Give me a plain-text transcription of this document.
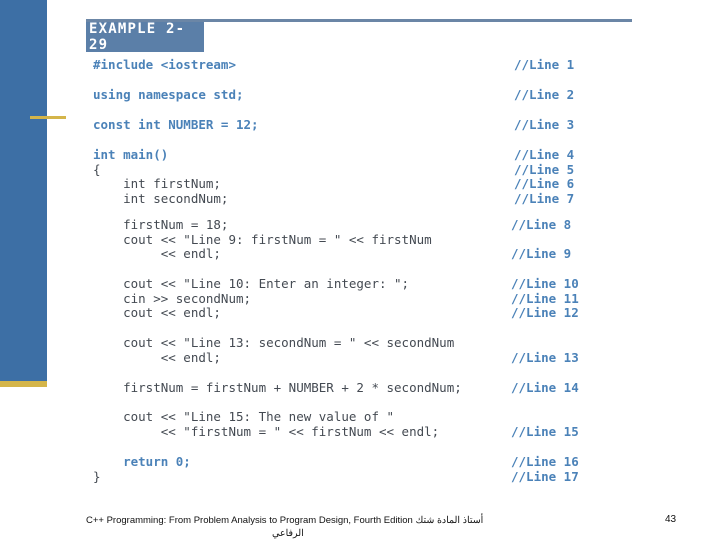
EXAMPLE 2-29
#include <iostream>
using namespace std;
const int NUMBER = 12;
int main()
{
int firstNum;
int secondNum;
firstNum = 18;
cout << "Line 9: firstNum = " << firstNum
<< endl;
cout << "Line 10: Enter an integer: ";
cin >> secondNum;
cout << endl;
cout << "Line 13: secondNum = " << secondNum
<< endl;
firstNum = firstNum + NUMBER + 2 * secondNum;
cout << "Line 15: The new value of "
<< "firstNum = " << firstNum << endl;
return 0;
}
//Line 1
//Line 2
//Line 3
//Line 4
//Line 5
//Line 6
//Line 7
//Line 8
//Line 9
//Line 10
//Line 11
//Line 12
//Line 13
//Line 14
//Line 15
//Line 16
//Line 17
C++ Programming: From Problem Analysis to Program Design, Fourth Edition أستاذ المادة شتك
الرفاعي
43
